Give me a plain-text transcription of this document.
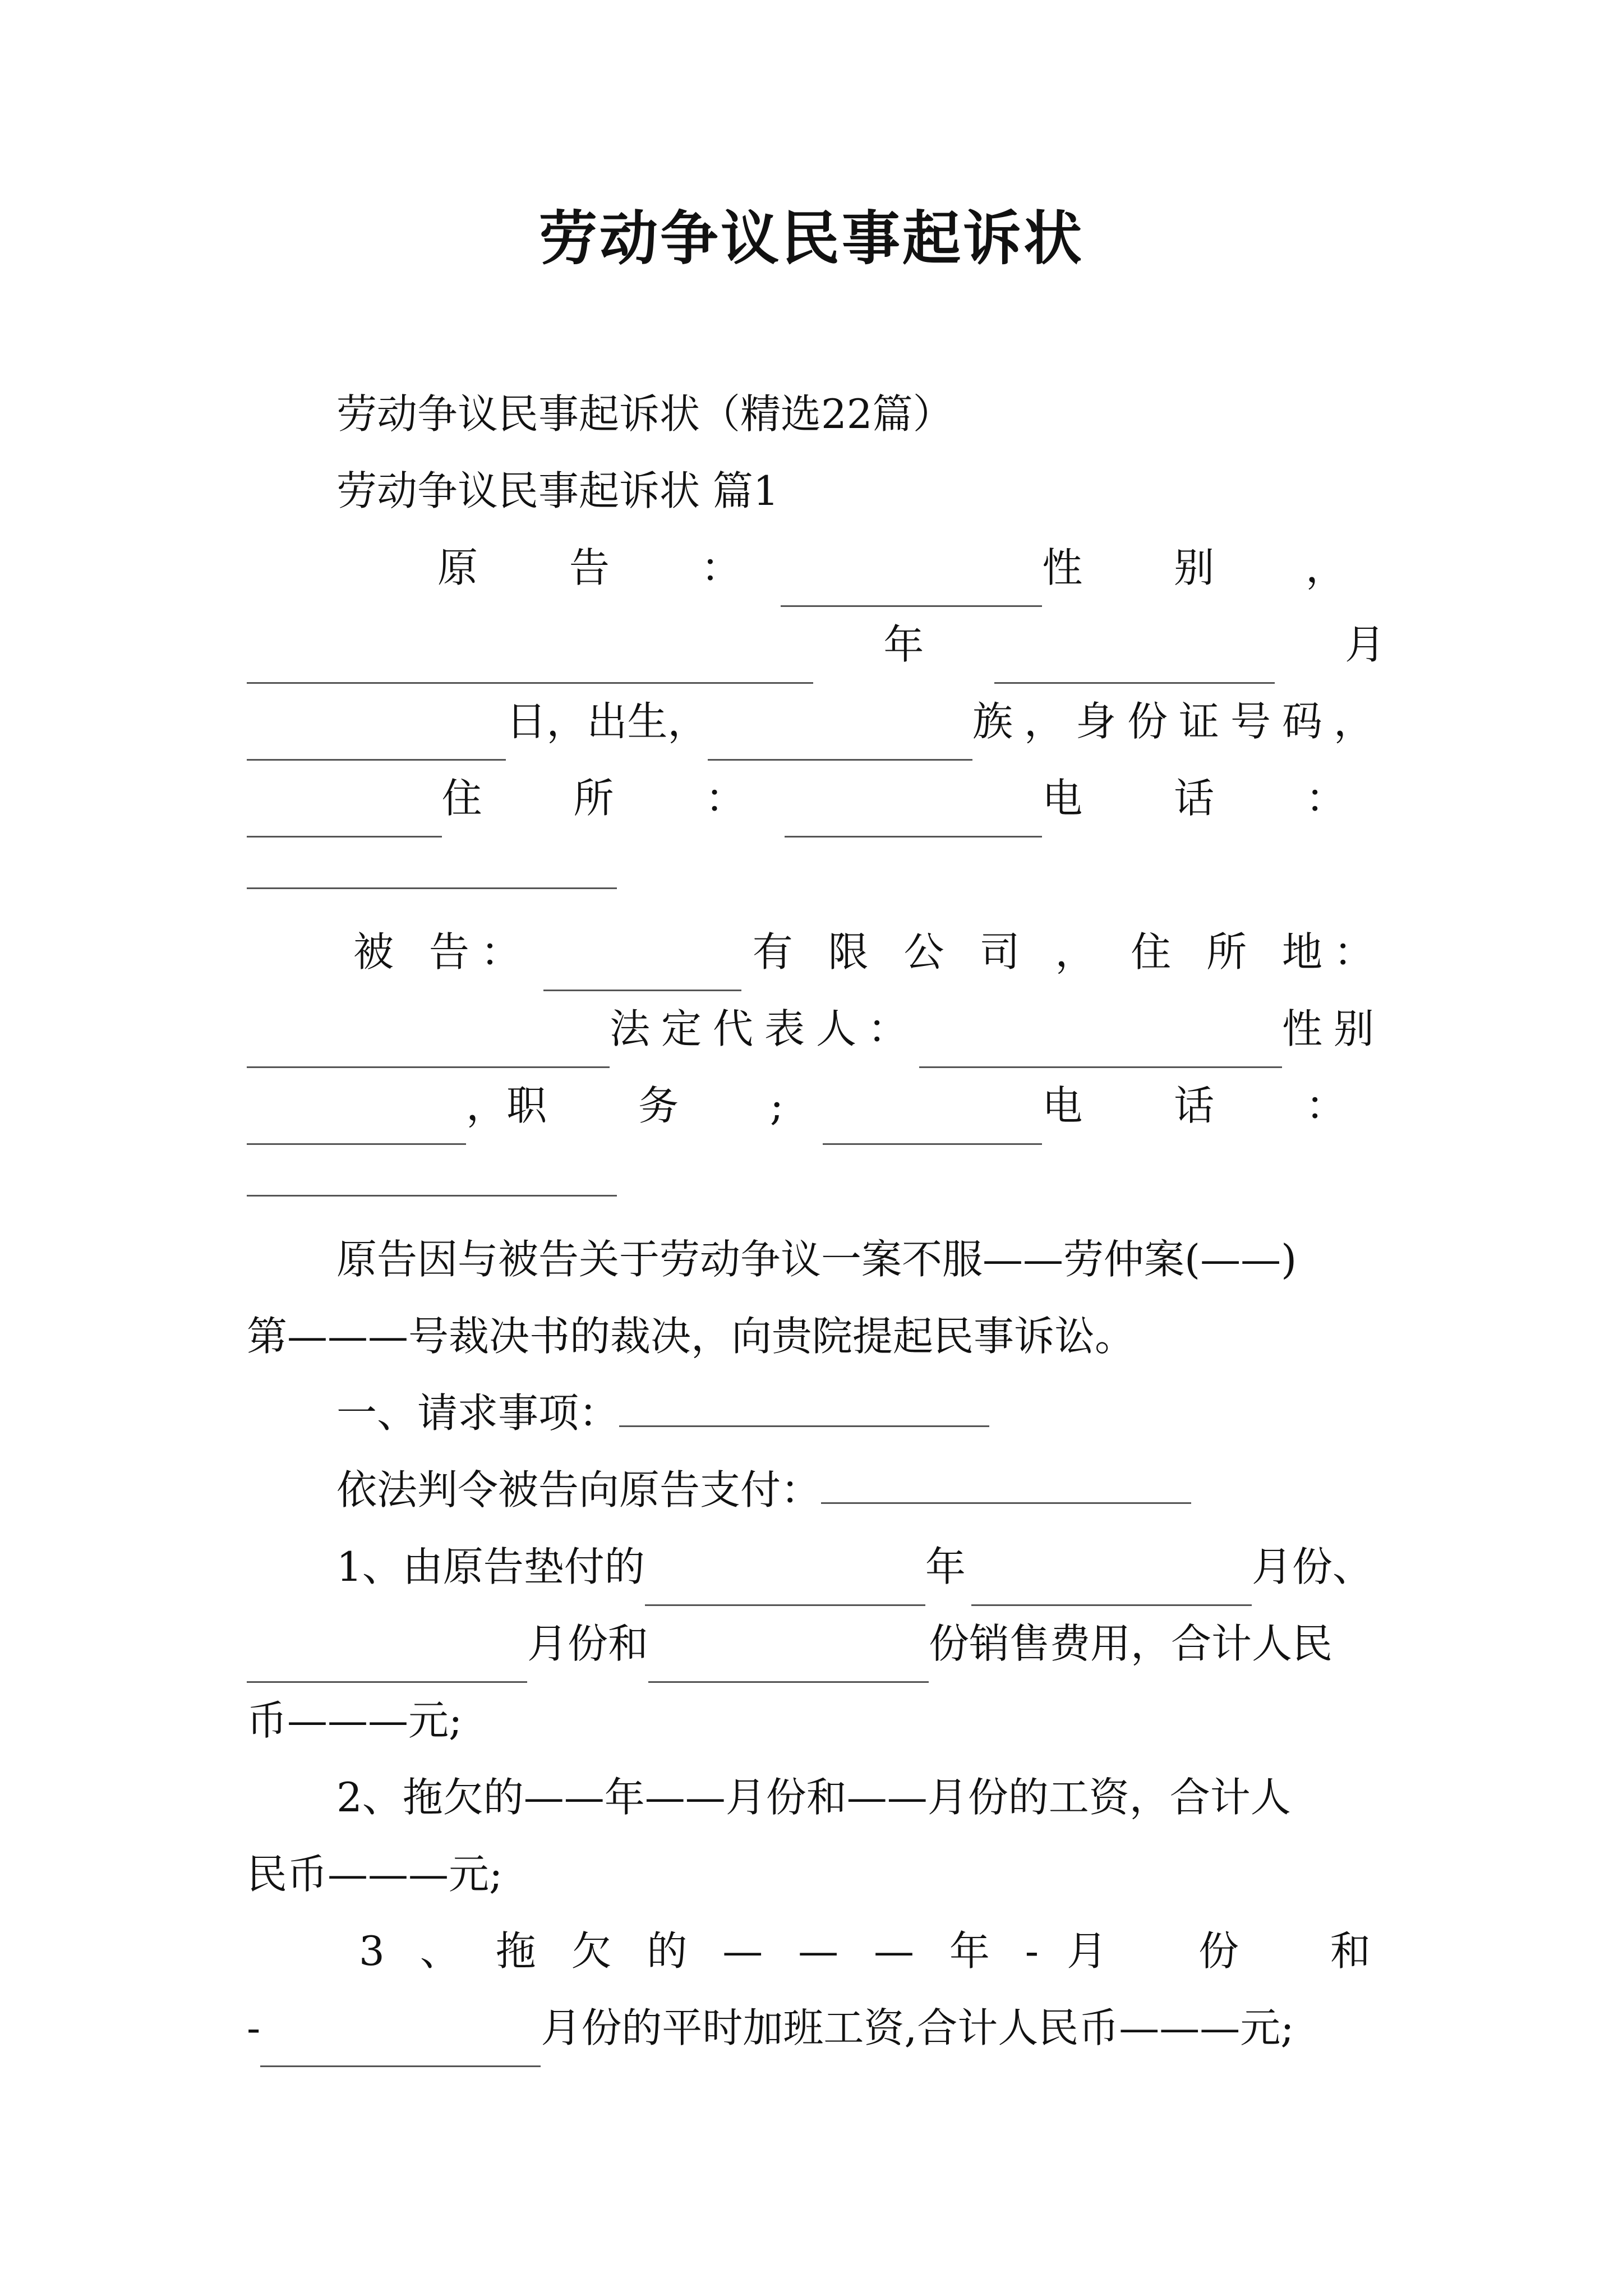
劳动争议民事起诉状
劳动争议民事起诉状（精选22篇）
劳动争议民事起诉状 篇1
原 告 ：	性 别 ，
年	月
日，出生，	族，身份证号码，
住 所 ：	电 话 ：
被 告：	有 限 公 司 ， 住 所 地：
法定代表人：	性别
， 职 务 ;	电 话 ：
原告因与被告关于劳动争议一案不服——劳仲案(——)
第———号裁决书的裁决，向贵院提起民事诉讼。
一、请求事项：
依法判令被告向原告支付：
1、由原告垫付的	年	月份、
月份和	份销售费用，合计人民
币———元;
2、拖欠的——年——月份和——月份的工资，合计人
民币———元;
3 、 拖 欠 的 — — — 年 - 月 份 和
-	月份的平时加班工资,合计人民币———元;
